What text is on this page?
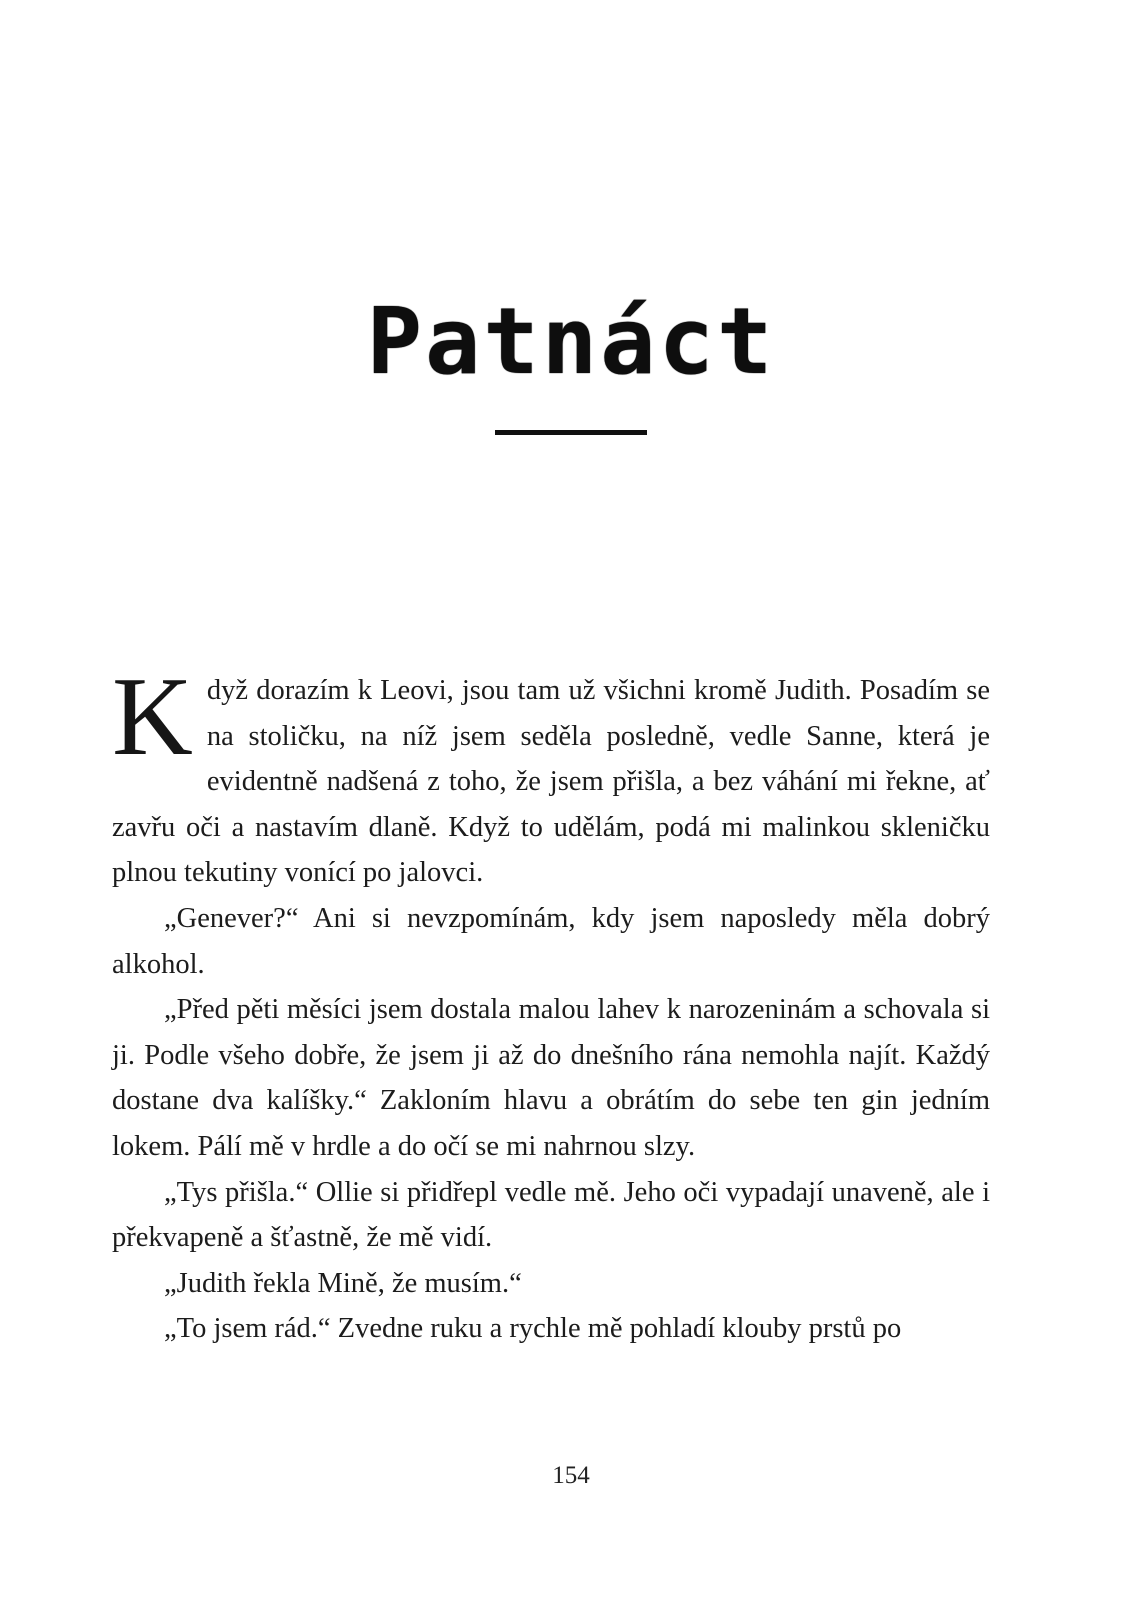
Patnáct

Když dorazím k Leovi, jsou tam už všichni kromě Judith. Posadím se na stoličku, na níž jsem seděla posledně, vedle Sanne, která je evidentně nadšená z toho, že jsem přišla, a bez váhání mi řekne, ať zavřu oči a nastavím dlaně. Když to udělám, podá mi malinkou skleničku plnou tekutiny vonící po jalovci.

„Genever?“ Ani si nevzpomínám, kdy jsem naposledy měla dobrý alkohol.

„Před pěti měsíci jsem dostala malou lahev k narozeninám a schovala si ji. Podle všeho dobře, že jsem ji až do dnešního rána nemohla najít. Každý dostane dva kalíšky.“ Zakloním hlavu a obrátím do sebe ten gin jedním lokem. Pálí mě v hrdle a do očí se mi nahrnou slzy.

„Tys přišla.“ Ollie si přidřepl vedle mě. Jeho oči vypadají unaveně, ale i překvapeně a šťastně, že mě vidí.

„Judith řekla Mině, že musím.“

„To jsem rád.“ Zvedne ruku a rychle mě pohladí klouby prstů po

154
